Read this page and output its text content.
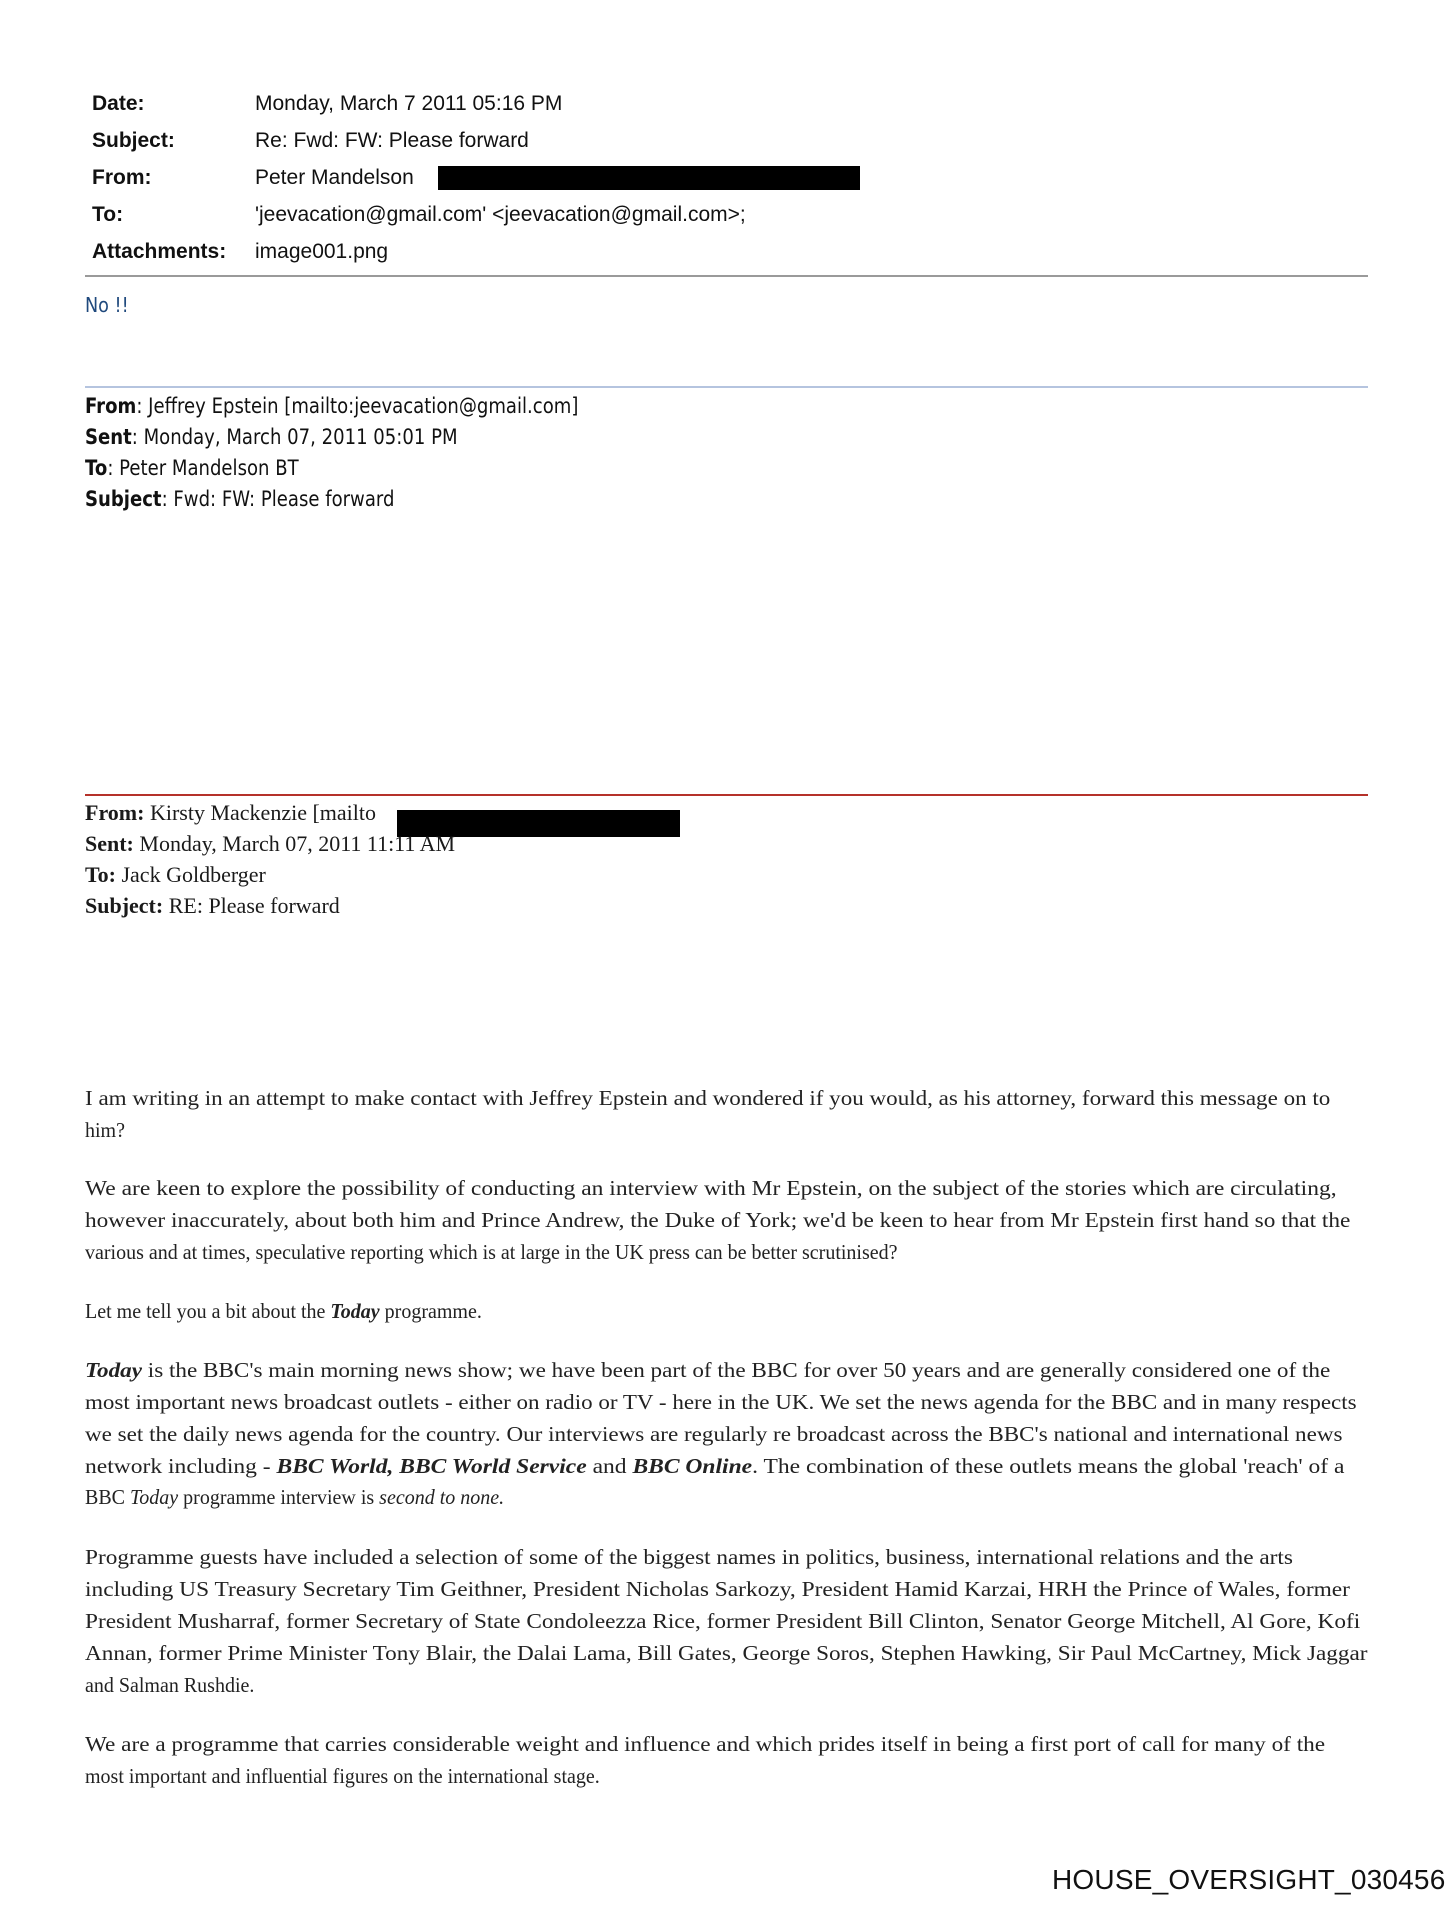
Date:	Monday, March 7 2011 05:16 PM
Subject:	Re: Fwd: FW: Please forward
From:	Peter Mandelson
To:	'jeevacation@gmail.com' <jeevacation@gmail.com>;
Attachments: image001.png
No !!
From: Jeffrey Epstein [mailto:jeevacation@gmail.com]
Sent: Monday, March 07, 2011 05:01 PM
To: Peter Mandelson BT
Subject: Fwd: FW: Please forward
From: Kirsty Mackenzie [mailto
Sent: Monday, March 07, 2011 11:11 AM
To: Jack Goldberger
Subject: RE: Please forward
I am writing in an attempt to make contact with Jeffrey Epstein and wondered if you would, as his attorney, forward this message on to
him?
We are keen to explore the possibility of conducting an interview with Mr Epstein, on the subject of the stories which are circulating,
however inaccurately, about both him and Prince Andrew, the Duke of York; we'd be keen to hear from Mr Epstein first hand so that the
various and at times, speculative reporting which is at large in the UK press can be better scrutinised?
Let me tell you a bit about the Today programme.
Today is the BBC's main morning news show; we have been part of the BBC for over 50 years and are generally considered one of the
most important news broadcast outlets - either on radio or TV - here in the UK. We set the news agenda for the BBC and in many respects
we set the daily news agenda for the country. Our interviews are regularly re broadcast across the BBC's national and international news
network including - BBC World, BBC World Service and BBC Online. The combination of these outlets means the global 'reach' of a
BBC Today programme interview is second to none.
Programme guests have included a selection of some of the biggest names in politics, business, international relations and the arts
including US Treasury Secretary Tim Geithner, President Nicholas Sarkozy, President Hamid Karzai, HRH the Prince of Wales, former
President Musharraf, former Secretary of State Condoleezza Rice, former President Bill Clinton, Senator George Mitchell, Al Gore, Kofi
Annan, former Prime Minister Tony Blair, the Dalai Lama, Bill Gates, George Soros, Stephen Hawking, Sir Paul McCartney, Mick Jaggar
and Salman Rushdie.
We are a programme that carries considerable weight and influence and which prides itself in being a first port of call for many of the
most important and influential figures on the international stage.
HOUSE_OVERSIGHT_030456
